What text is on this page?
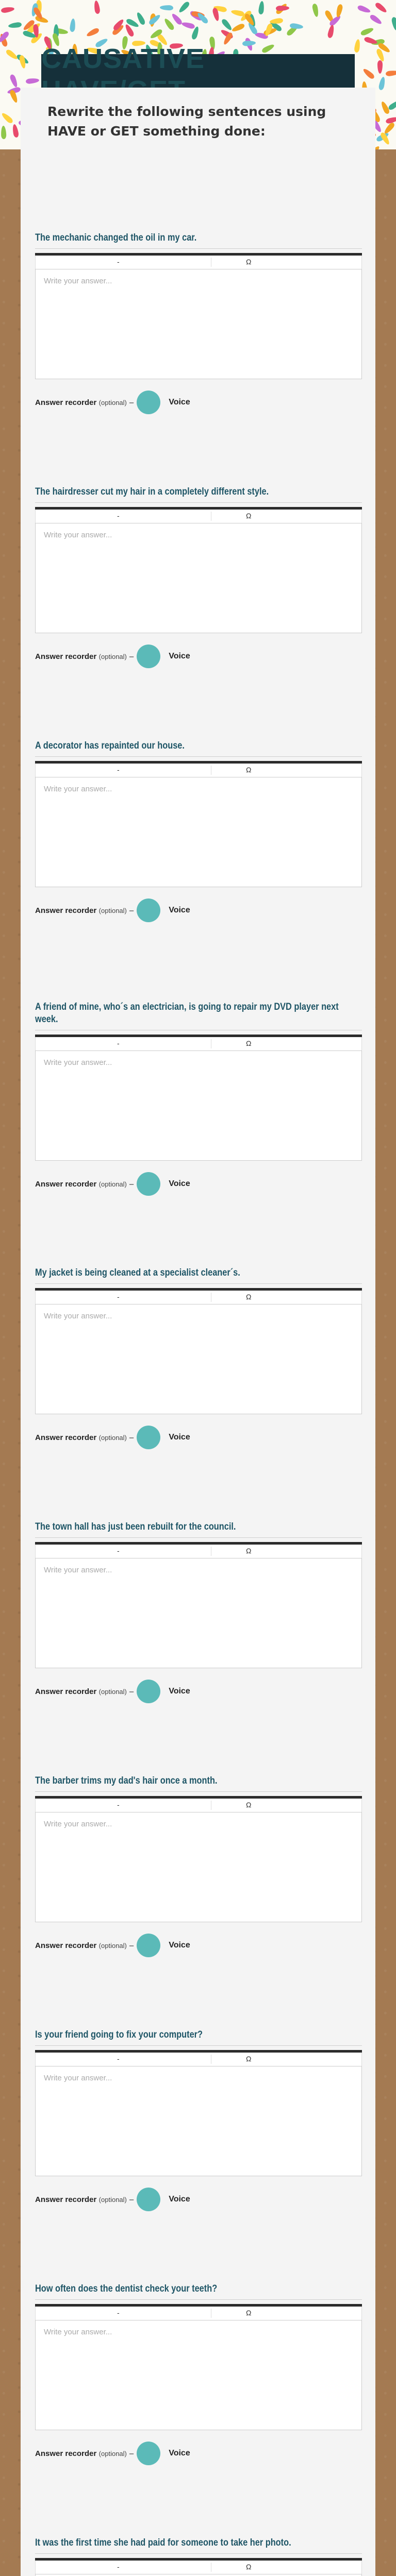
CAUSATIVE
Rewrite the following sentences using HAVE or GET something done:
The mechanic changed the oil in my car.
-	Ω
Write your answer...
Answer recorder
(optional) –	Voice
The hairdresser cut my hair in a completely different style.
-	Ω
Write your answer...
Answer recorder
(optional) –	Voice
A decorator has repainted our house.
-	Ω
Write your answer...
Answer recorder
(optional) –	Voice
A friend of mine, who´s an electrician, is going to repair my DVD player next week.
-	Ω
Write your answer...
Answer recorder
(optional) –	Voice
My jacket is being cleaned at a specialist cleaner´s.
-	Ω
Write your answer...
Answer recorder
(optional) –	Voice
The town hall has just been rebuilt for the council.
-	Ω
Write your answer...
Answer recorder
(optional) –	Voice
The barber trims my dad's hair once a month.
-	Ω
Write your answer...
Answer recorder
(optional) –	Voice
Is your friend going to fix your computer?
-	Ω
Write your answer...
Answer recorder
(optional) –	Voice
How often does the dentist check your teeth?
-	Ω
Write your answer...
Answer recorder
(optional) –	Voice
It was the first time she had paid for someone to take her photo.
-	Ω
